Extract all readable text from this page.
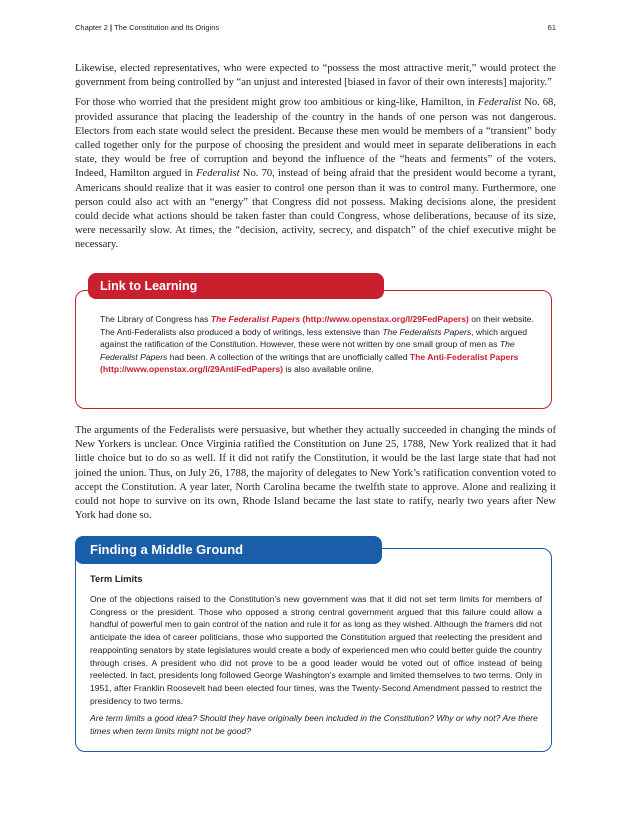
Chapter 2 | The Constitution and Its Origins	61

Likewise, elected representatives, who were expected to “possess the most attractive merit,” would protect the government from being controlled by “an unjust and interested [biased in favor of their own interests] majority.”

For those who worried that the president might grow too ambitious or king-like, Hamilton, in Federalist No. 68, provided assurance that placing the leadership of the country in the hands of one person was not dangerous. Electors from each state would select the president. Because these men would be members of a “transient” body called together only for the purpose of choosing the president and would meet in separate deliberations in each state, they would be free of corruption and beyond the influence of the “heats and ferments” of the voters. Indeed, Hamilton argued in Federalist No. 70, instead of being afraid that the president would become a tyrant, Americans should realize that it was easier to control one person than it was to control many. Furthermore, one person could also act with an “energy” that Congress did not possess. Making decisions alone, the president could decide what actions should be taken faster than could Congress, whose deliberations, because of its size, were necessarily slow. At times, the “decision, activity, secrecy, and dispatch” of the chief executive might be necessary.

Link to Learning
The Library of Congress has The Federalist Papers (http://www.openstax.org/l/29FedPapers) on their website. The Anti-Federalists also produced a body of writings, less extensive than The Federalists Papers, which argued against the ratification of the Constitution. However, these were not written by one small group of men as The Federalist Papers had been. A collection of the writings that are unofficially called The Anti-Federalist Papers (http://www.openstax.org/l/29AntiFedPapers) is also available online.

The arguments of the Federalists were persuasive, but whether they actually succeeded in changing the minds of New Yorkers is unclear. Once Virginia ratified the Constitution on June 25, 1788, New York realized that it had little choice but to do so as well. If it did not ratify the Constitution, it would be the last large state that had not joined the union. Thus, on July 26, 1788, the majority of delegates to New York’s ratification convention voted to accept the Constitution. A year later, North Carolina became the twelfth state to approve. Alone and realizing it could not hope to survive on its own, Rhode Island became the last state to ratify, nearly two years after New York had done so.

Finding a Middle Ground
Term Limits

One of the objections raised to the Constitution’s new government was that it did not set term limits for members of Congress or the president. Those who opposed a strong central government argued that this failure could allow a handful of powerful men to gain control of the nation and rule it for as long as they wished. Although the framers did not anticipate the idea of career politicians, those who supported the Constitution argued that reelecting the president and reappointing senators by state legislatures would create a body of experienced men who could better guide the country through crises. A president who did not prove to be a good leader would be voted out of office instead of being reelected. In fact, presidents long followed George Washington’s example and limited themselves to two terms. Only in 1951, after Franklin Roosevelt had been elected four times, was the Twenty-Second Amendment passed to restrict the presidency to two terms.

Are term limits a good idea? Should they have originally been included in the Constitution? Why or why not? Are there times when term limits might not be good?
